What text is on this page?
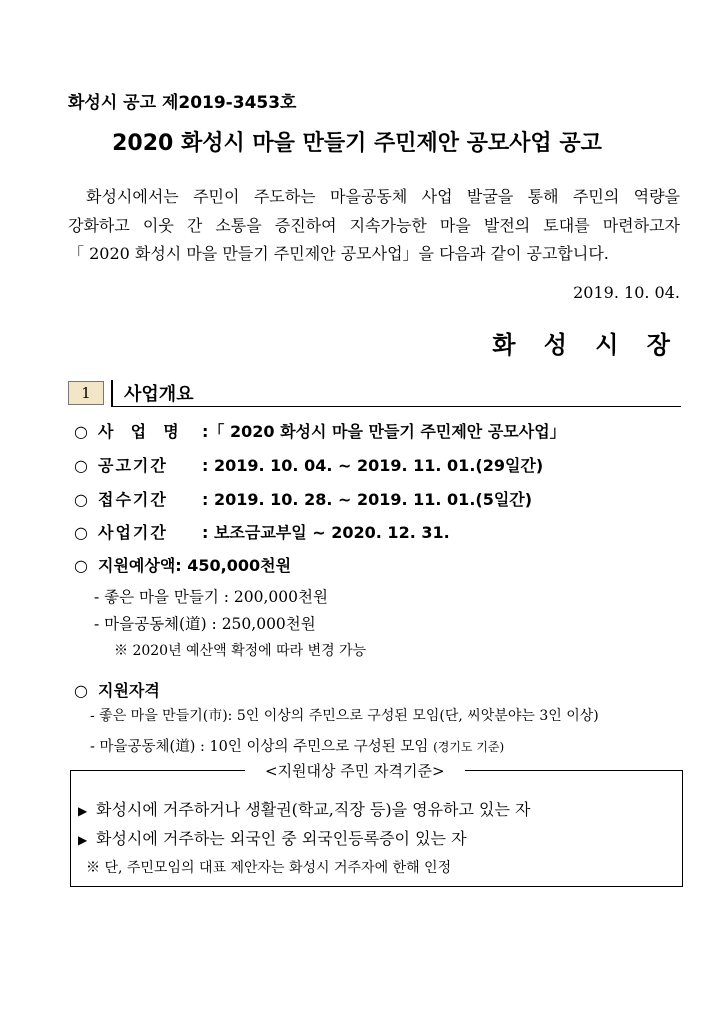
화성시 공고 제2019-3453호
2020 화성시 마을 만들기 주민제안 공모사업 공고

화성시에서는 주민이 주도하는 마을공동체 사업 발굴을 통해 주민의 역량을

강화하고 이웃 간 소통을 증진하여 지속가능한 마을 발전의 토대를 마련하고자

「 2020 화성시 마을 만들기 주민제안 공모사업」을 다음과 같이 공고합니다.

2019. 10. 04.
화 성 시 장
1	사업개요
○ 사  업  명 :「 2020 화성시 마을 만들기 주민제안 공모사업」
○ 공고기간 : 2019. 10. 04. ~ 2019. 11. 01.(29일간)
○ 접수기간 : 2019. 10. 28. ~ 2019. 11. 01.(5일간)
○ 사업기간 : 보조금교부일 ~ 2020. 12. 31.
○ 지원예상액: 450,000천원
- 좋은 마을 만들기 : 200,000천원
- 마을공동체(道) : 250,000천원
※ 2020년 예산액 확정에 따라 변경 가능
○ 지원자격
- 좋은 마을 만들기(市): 5인 이상의 주민으로 구성된 모임(단, 씨앗분야는 3인 이상)
- 마을공동체(道) : 10인 이상의 주민으로 구성된 모임 (경기도 기준)
<지원대상 주민 자격기준>
▶ 화성시에 거주하거나 생활권(학교,직장 등)을 영유하고 있는 자
▶ 화성시에 거주하는 외국인 중 외국인등록증이 있는 자
※ 단, 주민모임의 대표 제안자는 화성시 거주자에 한해 인정
